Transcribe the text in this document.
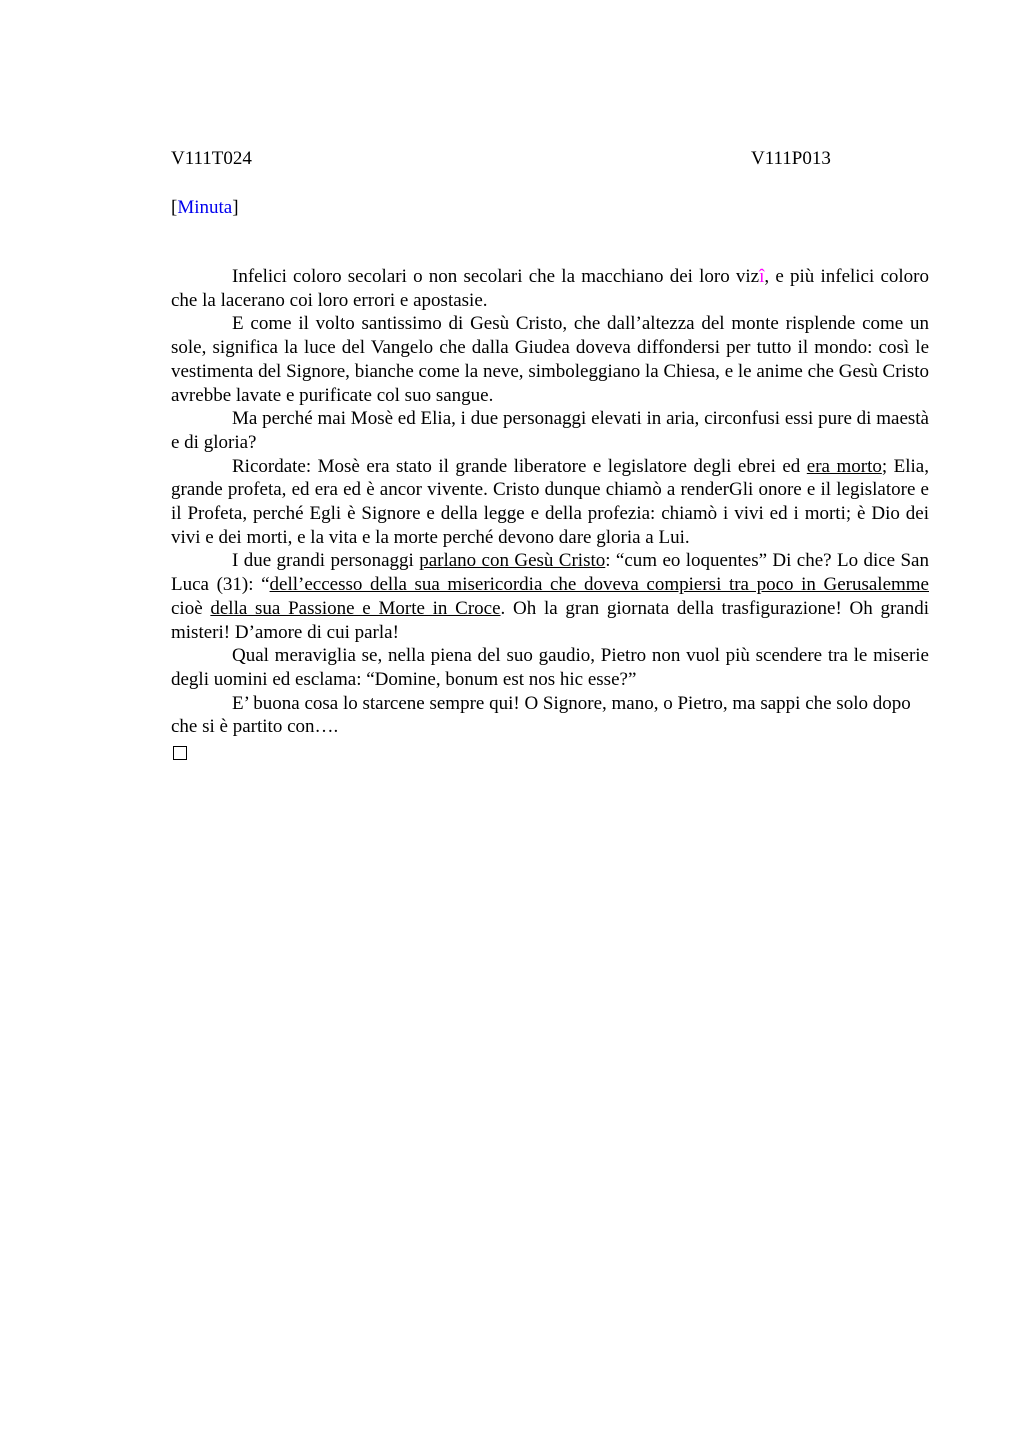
V111T024	V111P013
[Minuta]

Infelici coloro secolari o non secolari che la macchiano dei loro vizî, e più infelici coloro che la lacerano coi loro errori e apostasie.

E come il volto santissimo di Gesù Cristo, che dall’altezza del monte risplende come un sole, significa la luce del Vangelo che dalla Giudea doveva diffondersi per tutto il mondo: così le vestimenta del Signore, bianche come la neve, simboleggiano la Chiesa, e le anime che Gesù Cristo avrebbe lavate e purificate col suo sangue.

Ma perché mai Mosè ed Elia, i due personaggi elevati in aria, circonfusi essi pure di maestà e di gloria?

Ricordate: Mosè era stato il grande liberatore e legislatore degli ebrei ed era morto; Elia, grande profeta, ed era ed è ancor vivente. Cristo dunque chiamò a renderGli onore e il legislatore e il Profeta, perché Egli è Signore e della legge e della profezia: chiamò i vivi ed i morti; è Dio dei vivi e dei morti, e la vita e la morte perché devono dare gloria a Lui.

I due grandi personaggi parlano con Gesù Cristo: “cum eo loquentes” Di che? Lo dice San Luca (31): “dell’eccesso della sua misericordia che doveva compiersi tra poco in Gerusalemme cioè della sua Passione e Morte in Croce. Oh la gran giornata della trasfigurazione! Oh grandi misteri! D’amore di cui parla!

Qual meraviglia se, nella piena del suo gaudio, Pietro non vuol più scendere tra le miserie degli uomini ed esclama: “Domine, bonum est nos hic esse?”

E’ buona cosa lo starcene sempre qui! O Signore, mano, o Pietro, ma sappi che solo dopo che si è partito con….
